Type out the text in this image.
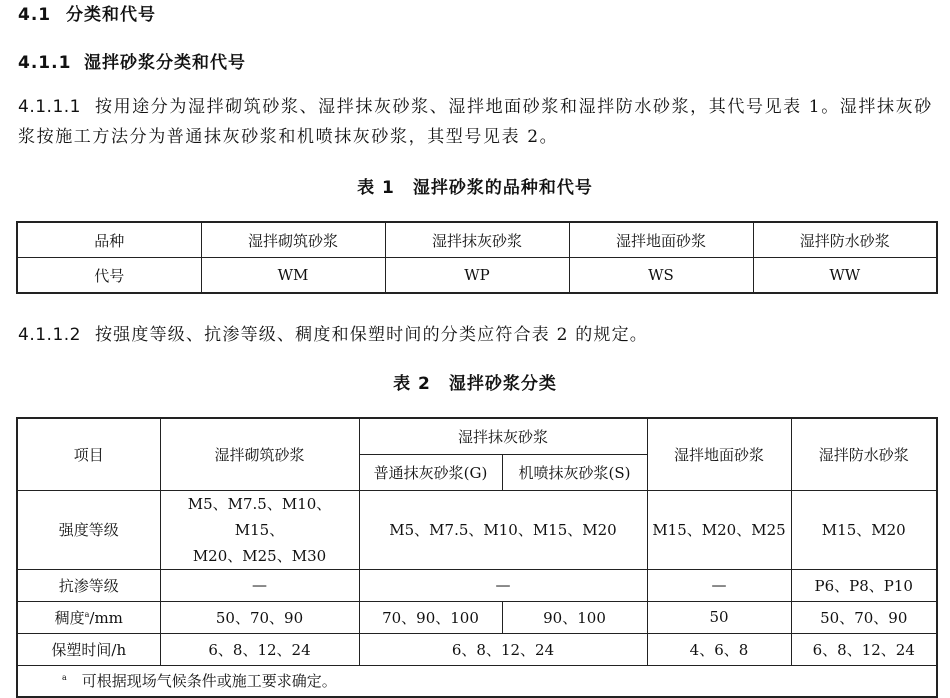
4.1 分类和代号
4.1.1 湿拌砂浆分类和代号
4.1.1.1 按用途分为湿拌砌筑砂浆、湿拌抹灰砂浆、湿拌地面砂浆和湿拌防水砂浆，其代号见表 1。湿拌抹灰砂浆按施工方法分为普通抹灰砂浆和机喷抹灰砂浆，其型号见表 2。
表 1　湿拌砂浆的品种和代号
品种	湿拌砌筑砂浆	湿拌抹灰砂浆	湿拌地面砂浆	湿拌防水砂浆
代号	WM	WP	WS	WW
4.1.1.2 按强度等级、抗渗等级、稠度和保塑时间的分类应符合表 2 的规定。
表 2　湿拌砂浆分类
项目	湿拌砌筑砂浆	湿拌抹灰砂浆		湿拌地面砂浆	湿拌防水砂浆
		普通抹灰砂浆(G)	机喷抹灰砂浆(S)		
强度等级	M5、M7.5、M10、M15、
M20、M25、M30	M5、M7.5、M10、M15、M20		M15、M20、M25	M15、M20
抗渗等级	—	—		—	P6、P8、P10
稠度$^a$/mm	50、70、90	70、90、100	90、100	50	50、70、90
保塑时间/h	6、8、12、24	6、8、12、24		4、6、8	6、8、12、24
$^a$　 可根据现场气候条件或施工要求确定。					
